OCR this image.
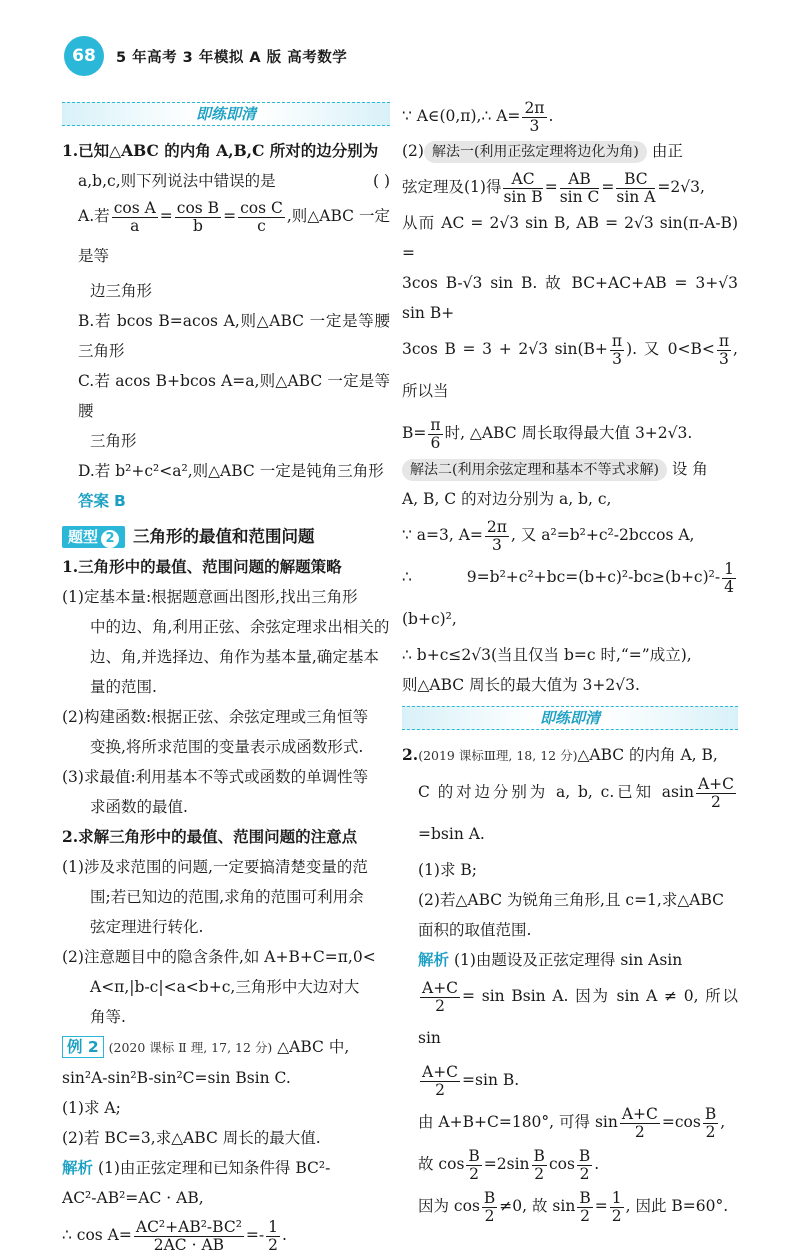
68	5 年高考 3 年模拟 A 版 高考数学
即练即清

1.已知△ABC 的内角 A,B,C 所对的边分别为

a,b,c,则下列说法中错误的是	( )

A.若 $\frac{\text{cos A}}{a} = \frac{\text{cos B}}{b} = \frac{\text{cos C}}{c}$ ,则△ABC 一定是等

边三角形

B.若 bcos B=acos A,则△ABC 一定是等腰三角形

C.若 acos B+bcos A=a,则△ABC 一定是等腰

三角形

D.若 b²+c²<a²,则△ABC 一定是钝角三角形

答案 B

题型 2 三角形的最值和范围问题

1.三角形中的最值、范围问题的解题策略

(1)定基本量:根据题意画出图形,找出三角形

中的边、角,利用正弦、余弦定理求出相关的

边、角,并选择边、角作为基本量,确定基本

量的范围.

(2)构建函数:根据正弦、余弦定理或三角恒等

变换,将所求范围的变量表示成函数形式.

(3)求最值:利用基本不等式或函数的单调性等

求函数的最值.

2.求解三角形中的最值、范围问题的注意点

(1)涉及求范围的问题,一定要搞清楚变量的范

围;若已知边的范围,求角的范围可利用余

弦定理进行转化.

(2)注意题目中的隐含条件,如 A+B+C=π,0<

A<π,|b-c|<a<b+c,三角形中大边对大

角等.

例 2 (2020 课标 Ⅱ 理, 17, 12 分) △ABC 中,

sin²A-sin²B-sin²C=sin Bsin C.

(1)求 A;

(2)若 BC=3,求△ABC 周长的最大值.

解析 (1)由正弦定理和已知条件得 BC²-

AC²-AB²=AC · AB,

∴ $\cos A= \frac{\text{AC²+AB²-BC²}}{2AC \cdot AB} =- \frac{1}{2}$ .

∵ A∈(0,π),∴ $A= \frac{2\pi}{3}$ .

(2) 解法一(利用正弦定理将边化为角) 由正

弦定理及(1)得 $\frac{AC}{\text{sin B}} = \frac{AB}{\text{sin C}} = \frac{BC}{\text{sin A}} =2√3$,

从而 AC = 2√3 sin B, AB = 2√3 sin(π-A-B) =

3cos B-√3 sin B. 故 BC+AC+AB = 3+√3 sin B+

3cos B = 3 + 2√3 $\sin(B+ \frac{\pi}{3}$ ). 又 $0<B< \frac{\pi}{3}$ , 所以当

$B= \frac{\pi}{6}$ 时, △ABC 周长取得最大值 3+2√3.

解法二(利用余弦定理和基本不等式求解) 设 角

A, B, C 的对边分别为 a, b, c,

∵ a=3, $A= \frac{2\pi}{3}$ , 又 a²=b²+c²-2bccos A,

∴ $9=b^2+c^2+bc=(b+c)^2-bc\ge(b+c)^2- \frac{1}{4}$
(b+c)²,

∴ b+c≤2√3(当且仅当 b=c 时,“=”成立),

则△ABC 周长的最大值为 3+2√3.

即练即清

2.(2019 课标Ⅲ理, 18, 12 分)△ABC 的内角 A, B,

C 的对边分别为 a, b, c.已知 asin $\frac{A+C}{2}$
=bsin A.

(1)求 B;

(2)若△ABC 为锐角三角形,且 c=1,求△ABC

面积的取值范围.

解析 (1)由题设及正弦定理得 sin Asin

$\frac{A+C}{2} = \sin Bsin$ A. 因为 sin A ≠ 0, 所以 sin

$\frac{A+C}{2} =\sin$ B.

由 A+B+C=180°, 可得 $\sin \frac{A+C}{2} =\cos \frac{B}{2}$ ,

故 $\cos \frac{B}{2} =2\sin \frac{B}{2}$ $\cos \frac{B}{2}$ .

因为 $\cos \frac{B}{2} \ne 0$, 故 $\sin \frac{B}{2} = \frac{1}{2}$ , 因此 B=60°.
